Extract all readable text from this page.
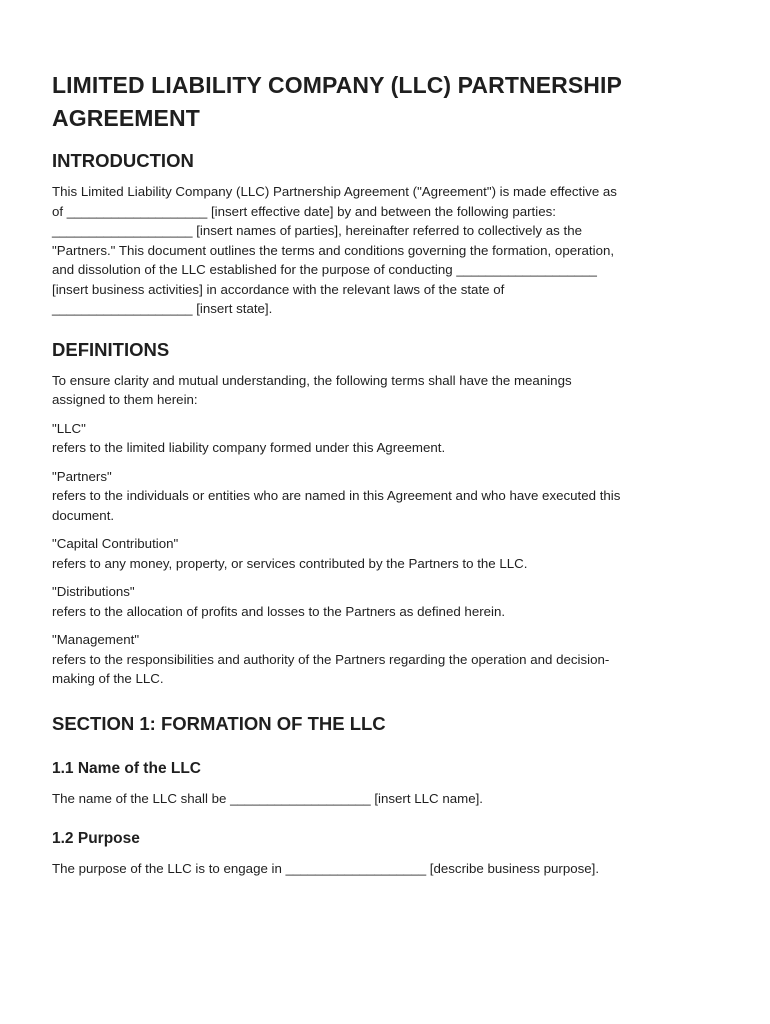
LIMITED LIABILITY COMPANY (LLC) PARTNERSHIP AGREEMENT
INTRODUCTION

This Limited Liability Company (LLC) Partnership Agreement ("Agreement") is made effective as
of ___________________ [insert effective date] by and between the following parties:
___________________ [insert names of parties], hereinafter referred to collectively as the
"Partners." This document outlines the terms and conditions governing the formation, operation,
and dissolution of the LLC established for the purpose of conducting ___________________
[insert business activities] in accordance with the relevant laws of the state of
___________________ [insert state].

DEFINITIONS

To ensure clarity and mutual understanding, the following terms shall have the meanings
assigned to them herein:

"LLC"
refers to the limited liability company formed under this Agreement.

"Partners"
refers to the individuals or entities who are named in this Agreement and who have executed this
document.

"Capital Contribution"
refers to any money, property, or services contributed by the Partners to the LLC.

"Distributions"
refers to the allocation of profits and losses to the Partners as defined herein.

"Management"
refers to the responsibilities and authority of the Partners regarding the operation and decision-
making of the LLC.

SECTION 1: FORMATION OF THE LLC
1.1 Name of the LLC

The name of the LLC shall be ___________________ [insert LLC name].

1.2 Purpose

The purpose of the LLC is to engage in ___________________ [describe business purpose].
